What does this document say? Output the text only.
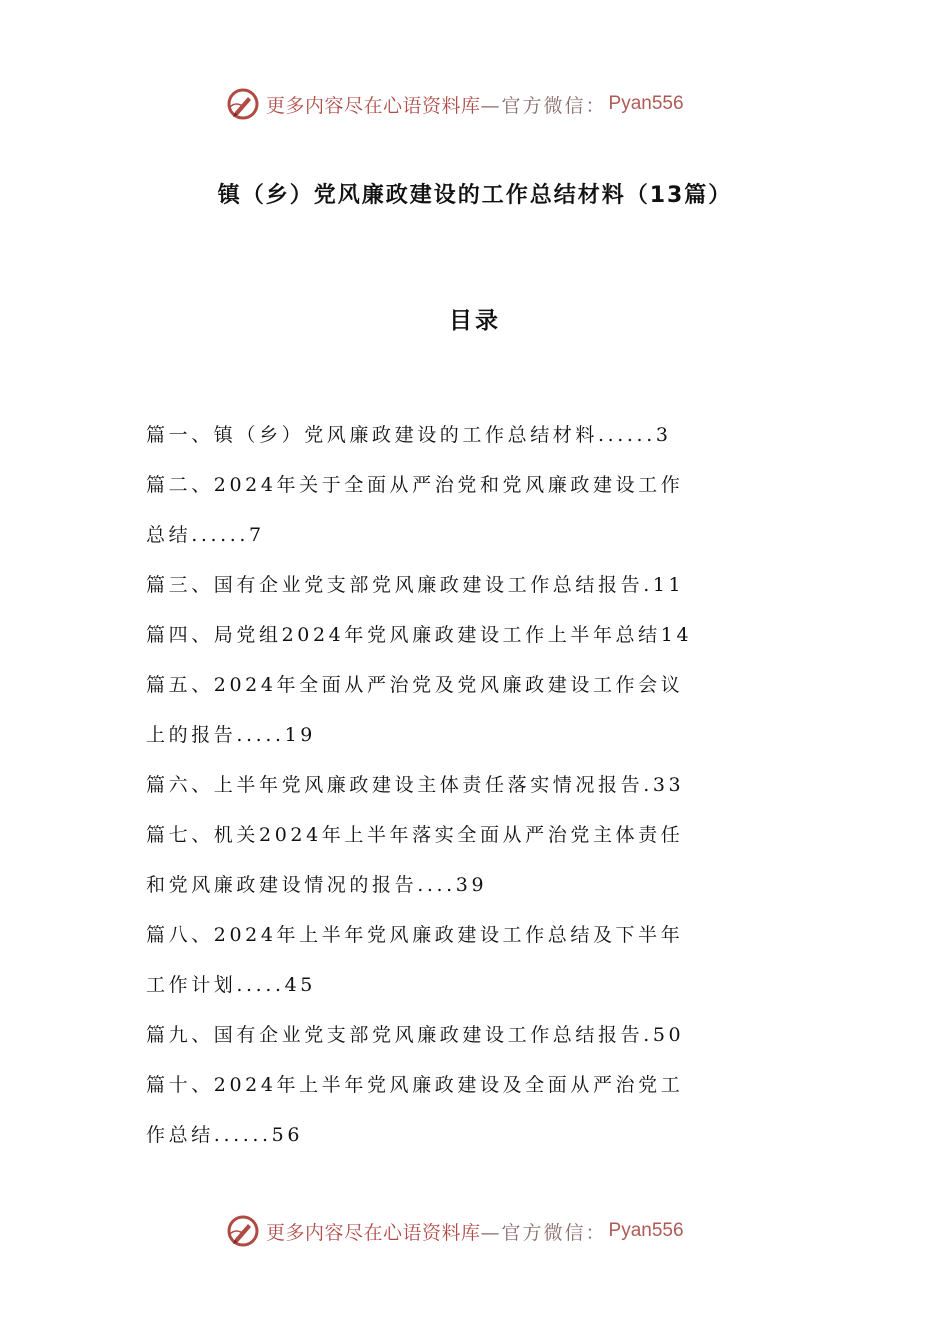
更多内容尽在心语资料库 —官方微信： Pyan556
镇（乡）党风廉政建设的工作总结材料（13篇）
目录
篇一、镇（乡）党风廉政建设的工作总结材料......3
篇二、2024年关于全面从严治党和党风廉政建设工作
总结......7
篇三、国有企业党支部党风廉政建设工作总结报告.11
篇四、局党组2024年党风廉政建设工作上半年总结14
篇五、2024年全面从严治党及党风廉政建设工作会议
上的报告.....19
篇六、上半年党风廉政建设主体责任落实情况报告.33
篇七、机关2024年上半年落实全面从严治党主体责任
和党风廉政建设情况的报告....39
篇八、2024年上半年党风廉政建设工作总结及下半年
工作计划.....45
篇九、国有企业党支部党风廉政建设工作总结报告.50
篇十、2024年上半年党风廉政建设及全面从严治党工
作总结......56
更多内容尽在心语资料库 —官方微信： Pyan556
